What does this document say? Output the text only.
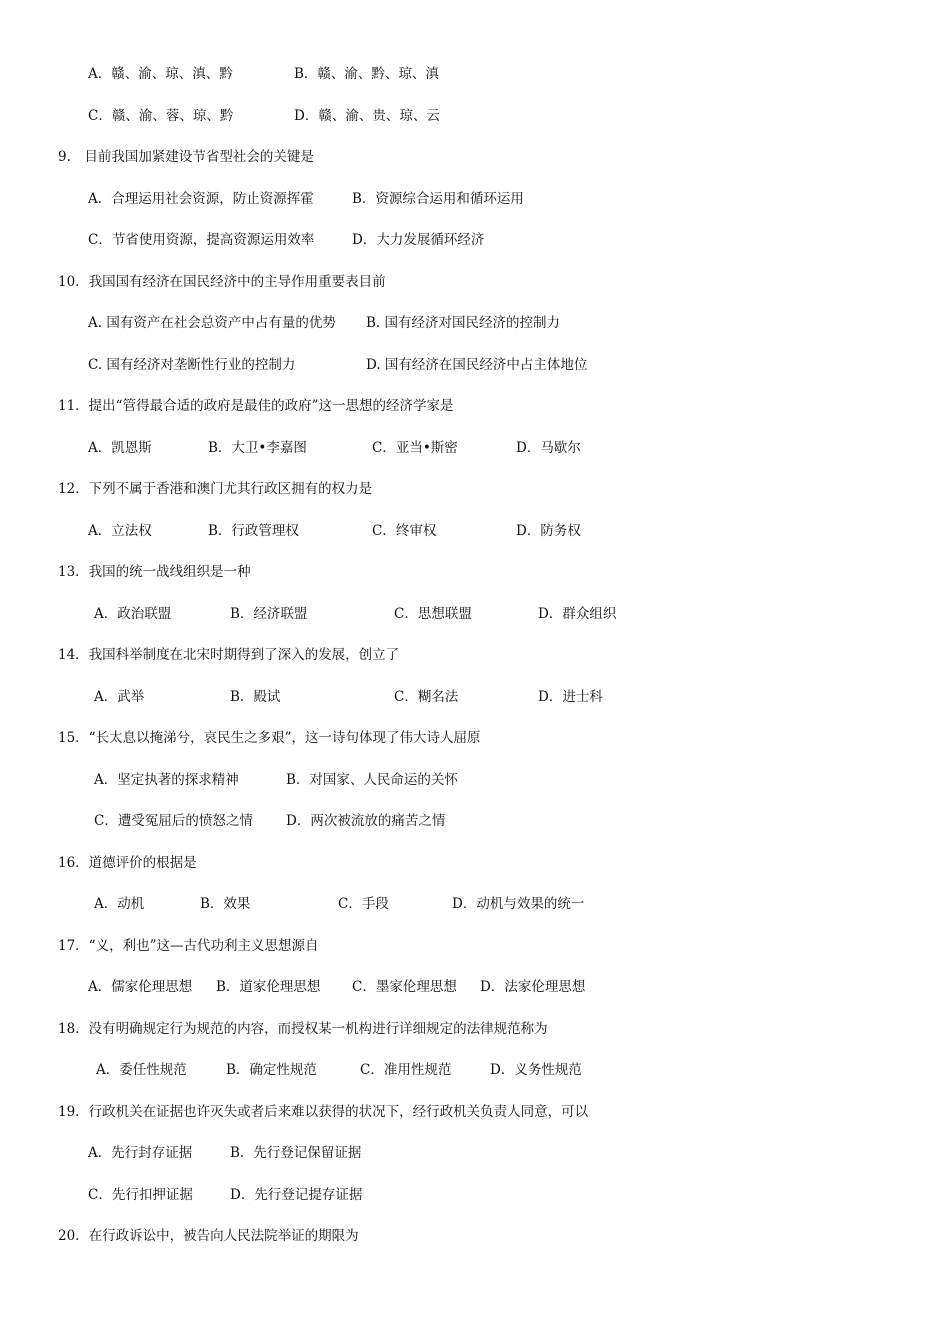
A．赣、渝、琼、滇、黔	B．赣、渝、黔、琼、滇
C．赣、渝、蓉、琼、黔	D．赣、渝、贵、琼、云
9.　目前我国加紧建设节省型社会的关键是
A．合理运用社会资源，防止资源挥霍	B．资源综合运用和循环运用
C．节省使用资源，提高资源运用效率	D．大力发展循环经济
10．我国国有经济在国民经济中的主导作用重要表目前
A. 国有资产在社会总资产中占有量的优势 B. 国有经济对国民经济的控制力
C. 国有经济对垄断性行业的控制力	D. 国有经济在国民经济中占主体地位
11．提出“管得最合适的政府是最佳的政府”这一思想的经济学家是
A．凯恩斯	B．大卫•李嘉图	C．亚当•斯密	D．马歇尔
12．下列不属于香港和澳门尤其行政区拥有的权力是
A．立法权	B．行政管理权	C．终审权	D．防务权
13．我国的统一战线组织是一种
A．政治联盟	B．经济联盟	C．思想联盟	D．群众组织
14．我国科举制度在北宋时期得到了深入的发展，创立了
A．武举	B．殿试	C．糊名法	D．进士科
15．“长太息以掩涕兮，哀民生之多艰”，这一诗句体现了伟大诗人屈原
A．坚定执著的探求精神	B．对国家、人民命运的关怀
C．遭受冤屈后的愤怒之情 D．两次被流放的痛苦之情
16．道德评价的根据是
A．动机	B．效果	C．手段	D．动机与效果的统一
17．“义，利也”这—古代功利主义思想源自
A．儒家伦理思想 B．道家伦理思想 C．墨家伦理思想 D．法家伦理思想
18．没有明确规定行为规范的内容，而授权某一机构进行详细规定的法律规范称为
A．委任性规范	B．确定性规范	C．准用性规范	D．义务性规范
19．行政机关在证据也许灭失或者后来难以获得的状况下，经行政机关负责人同意，可以
A．先行封存证据	B．先行登记保留证据
C．先行扣押证据	D．先行登记提存证据
20．在行政诉讼中，被告向人民法院举证的期限为
